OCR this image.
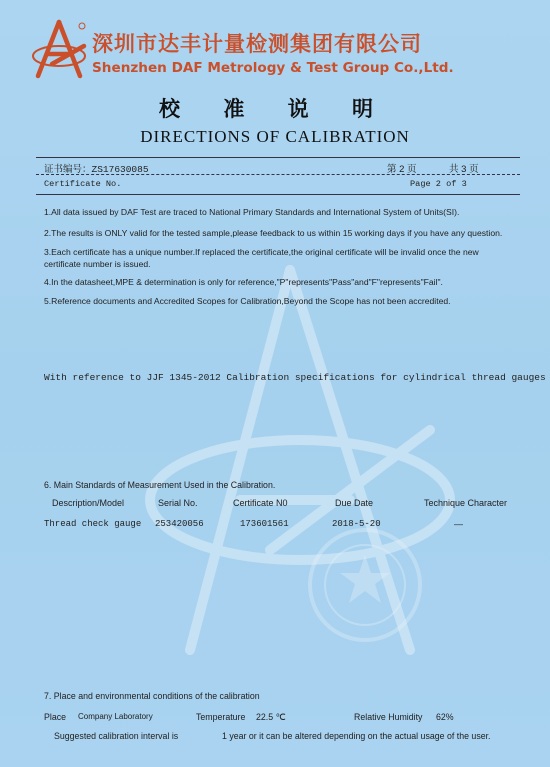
深圳市达丰计量检测集团有限公司
Shenzhen DAF Metrology & Test Group Co.,Ltd.
校 准 说 明
DIRECTIONS OF CALIBRATION
证书编号：ZS17630085	第 2 页	共 3 页
Certificate No.	Page 2 of 3
1.All data issued by DAF Test are traced to National Primary Standards and International System of Units(SI).
2.The results is ONLY valid for the tested sample,please feedback to us within 15 working days if you have any question.
3.Each certificate has a unique number.If replaced the certificate,the original certificate will be invalid once the new certificate number is issued.
4.In the datasheet,MPE & determination is only for reference,"P"represents"Pass"and"F"represents"Fail".
5.Reference documents and Accredited Scopes for Calibration,Beyond the Scope has not been accredited.
With reference to JJF 1345-2012 Calibration specifications for cylindrical thread gauges
6. Main Standards of Measurement Used in the Calibration.
Description/Model	Serial No.	Certificate N0	Due Date	Technique Character
Thread check gauge 253420056	173601561	2018-5-20	—
7. Place and environmental conditions of the calibration
Place Company Laboratory	Temperature 22.5 ℃	Relative Humidity 62%
Suggested calibration interval is	1 year or it can be altered depending on the actual usage of the user.
